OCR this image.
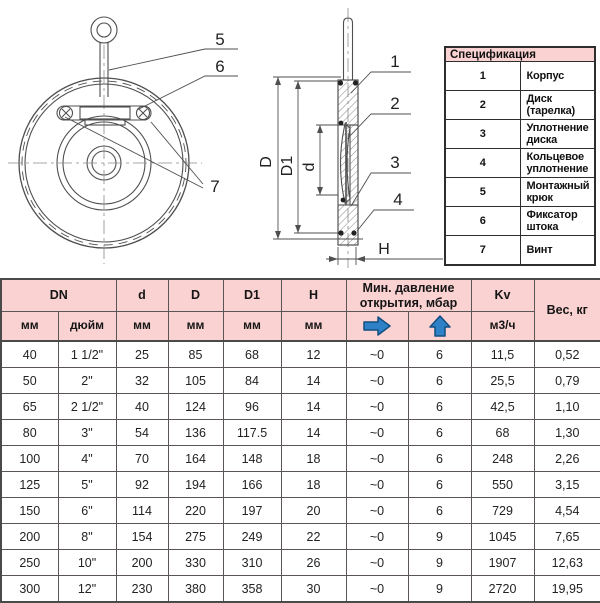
5
6
7
D D1 d
H
1
2
3
4
Спецификация	
1	Корпус
2	Диск (тарелка)
3	Уплотнение диска
4	Кольцевое уплотнение
5	Монтажный крюк
6	Фиксатор штока
7	Винт
DN		d	D	D1	H	Мин. давление открытия, мбар		Kv	Вес, кг
мм	дюйм	мм	мм	мм	мм			м3/ч	
40	1 1/2"	25	85	68	12	~0	6	11,5	0,52
50	2"	32	105	84	14	~0	6	25,5	0,79
65	2 1/2"	40	124	96	14	~0	6	42,5	1,10
80	3"	54	136	117.5	14	~0	6	68	1,30
100	4"	70	164	148	18	~0	6	248	2,26
125	5"	92	194	166	18	~0	6	550	3,15
150	6"	114	220	197	20	~0	6	729	4,54
200	8"	154	275	249	22	~0	9	1045	7,65
250	10"	200	330	310	26	~0	9	1907	12,63
300	12"	230	380	358	30	~0	9	2720	19,95
